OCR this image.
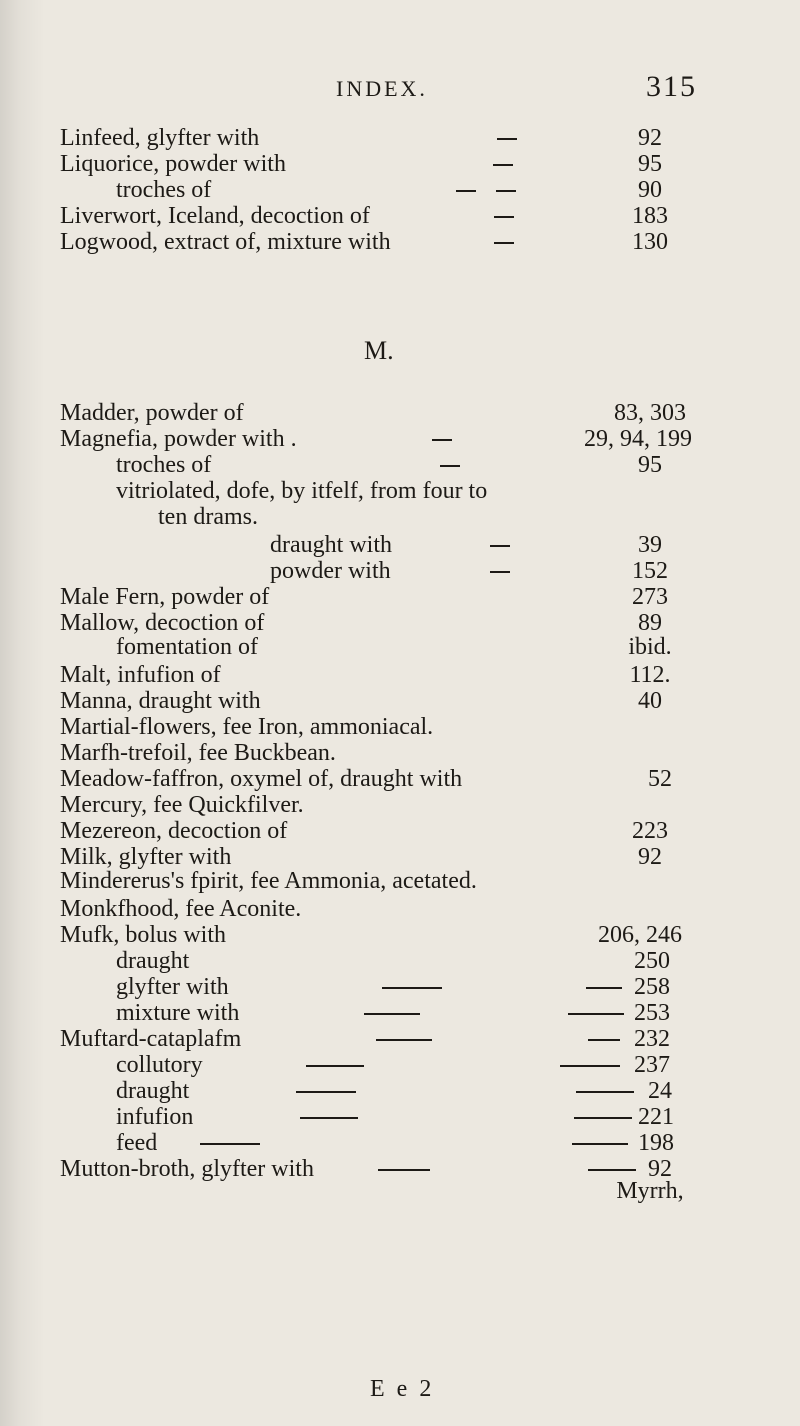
INDEX.	315
M.
Linfeed, glyfter with	92
Liquorice, powder with	95
troches of	90
Liverwort, Iceland, decoction of	183
Logwood, extract of, mixture with	130
Madder, powder of	83, 303
Magnefia, powder with .	29, 94, 199
troches of	95
vitriolated, dofe, by itfelf, from four to
ten drams.
draught with	39
powder with	152
Male Fern, powder of	273
Mallow, decoction of	89
fomentation of	ibid.
Malt, infufion of	112.
Manna, draught with	40
Martial-flowers, fee Iron, ammoniacal.
Marfh-trefoil, fee Buckbean.
Meadow-faffron, oxymel of, draught with	52
Mercury, fee Quickfilver.
Mezereon, decoction of	223
Milk, glyfter with	92
Mindererus's fpirit, fee Ammonia, acetated.
Monkfhood, fee Aconite.
Mufk, bolus with	206, 246
draught	250
glyfter with	258
mixture with	253
Muftard-cataplafm	232
collutory	237
draught	24
infufion	221
feed	198
Mutton-broth, glyfter with	92
E e 2
Myrrh,
